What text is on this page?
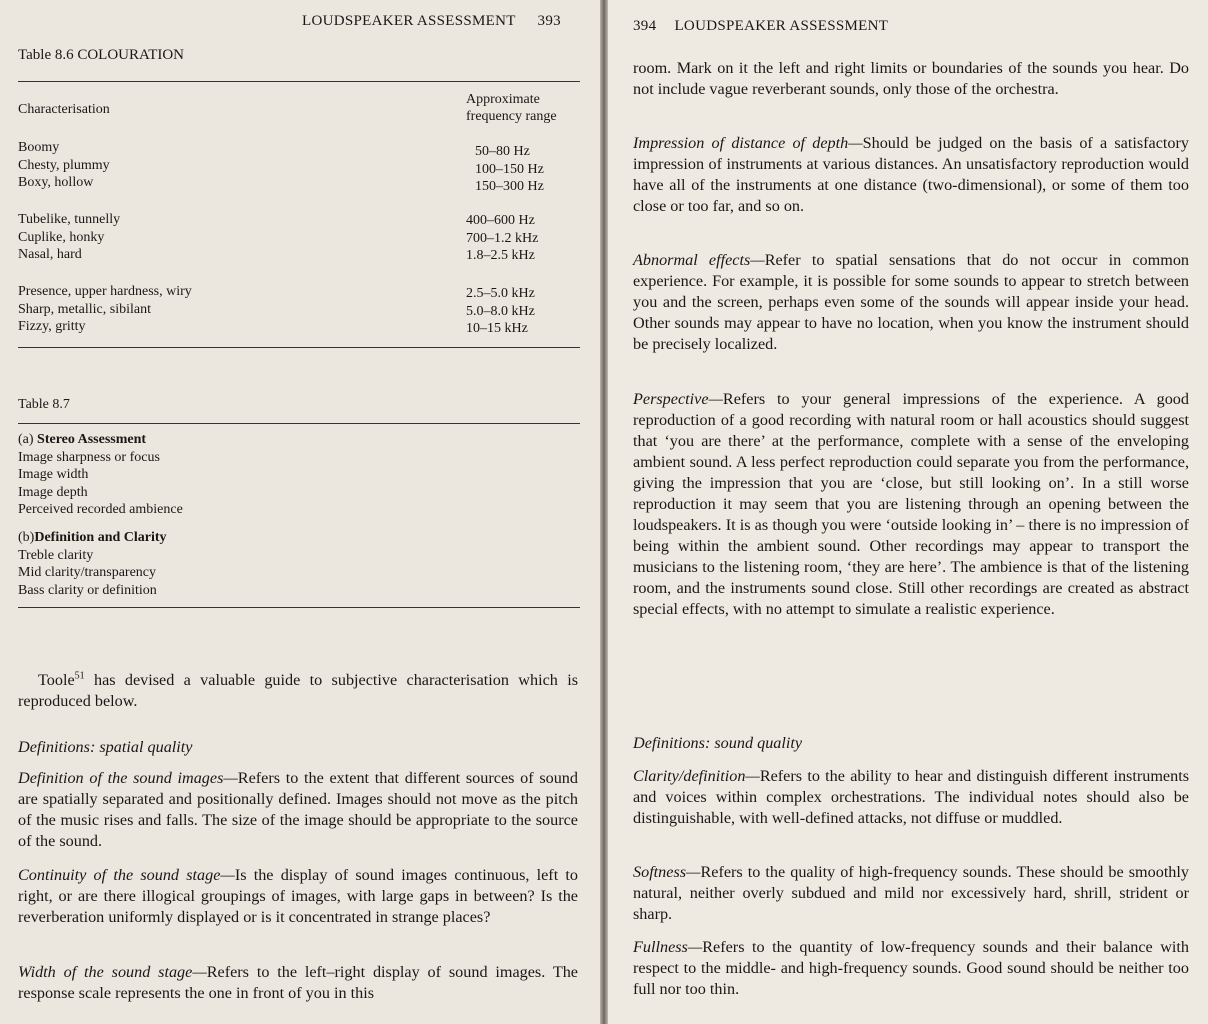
LOUDSPEAKER ASSESSMENT 393
Table 8.6 COLOURATION
Characterisation
Approximate
frequency range
Boomy
Chesty, plummy
Boxy, hollow
50–80 Hz
100–150 Hz
150–300 Hz
Tubelike, tunnelly
Cuplike, honky
Nasal, hard
400–600 Hz
700–1.2 kHz
1.8–2.5 kHz
Presence, upper hardness, wiry
Sharp, metallic, sibilant
Fizzy, gritty
2.5–5.0 kHz
5.0–8.0 kHz
10–15 kHz
Table 8.7
(a) Stereo Assessment
Image sharpness or focus
Image width
Image depth
Perceived recorded ambience
(b)Definition and Clarity
Treble clarity
Mid clarity/transparency
Bass clarity or definition
Toole$^{51}$ has devised a valuable guide to subjective characterisation which is reproduced below.
Definitions: spatial quality
Definition of the sound images—Refers to the extent that different sources of sound are spatially separated and positionally defined. Images should not move as the pitch of the music rises and falls. The size of the image should be appropriate to the source of the sound.
Continuity of the sound stage—Is the display of sound images continuous, left to right, or are there illogical groupings of images, with large gaps in between? Is the reverberation uniformly displayed or is it concentrated in strange places?
Width of the sound stage—Refers to the left–right display of sound images. The response scale represents the one in front of you in this
394 LOUDSPEAKER ASSESSMENT
room. Mark on it the left and right limits or boundaries of the sounds you hear. Do not include vague reverberant sounds, only those of the orchestra.
Impression of distance of depth—Should be judged on the basis of a satisfactory impression of instruments at various distances. An unsatisfactory reproduction would have all of the instruments at one distance (two-dimensional), or some of them too close or too far, and so on.
Abnormal effects—Refer to spatial sensations that do not occur in common experience. For example, it is possible for some sounds to appear to stretch between you and the screen, perhaps even some of the sounds will appear inside your head. Other sounds may appear to have no location, when you know the instrument should be precisely localized.
Perspective—Refers to your general impressions of the experience. A good reproduction of a good recording with natural room or hall acoustics should suggest that ‘you are there’ at the performance, complete with a sense of the enveloping ambient sound. A less perfect reproduction could separate you from the performance, giving the impression that you are ‘close, but still looking on’. In a still worse reproduction it may seem that you are listening through an opening between the loudspeakers. It is as though you were ‘outside looking in’ – there is no impression of being within the ambient sound. Other recordings may appear to transport the musicians to the listening room, ‘they are here’. The ambience is that of the listening room, and the instruments sound close. Still other recordings are created as abstract special effects, with no attempt to simulate a realistic experience.
Definitions: sound quality
Clarity/definition—Refers to the ability to hear and distinguish different instruments and voices within complex orchestrations. The individual notes should also be distinguishable, with well-defined attacks, not diffuse or muddled.
Softness—Refers to the quality of high-frequency sounds. These should be smoothly natural, neither overly subdued and mild nor excessively hard, shrill, strident or sharp.
Fullness—Refers to the quantity of low-frequency sounds and their balance with respect to the middle- and high-frequency sounds. Good sound should be neither too full nor too thin.
